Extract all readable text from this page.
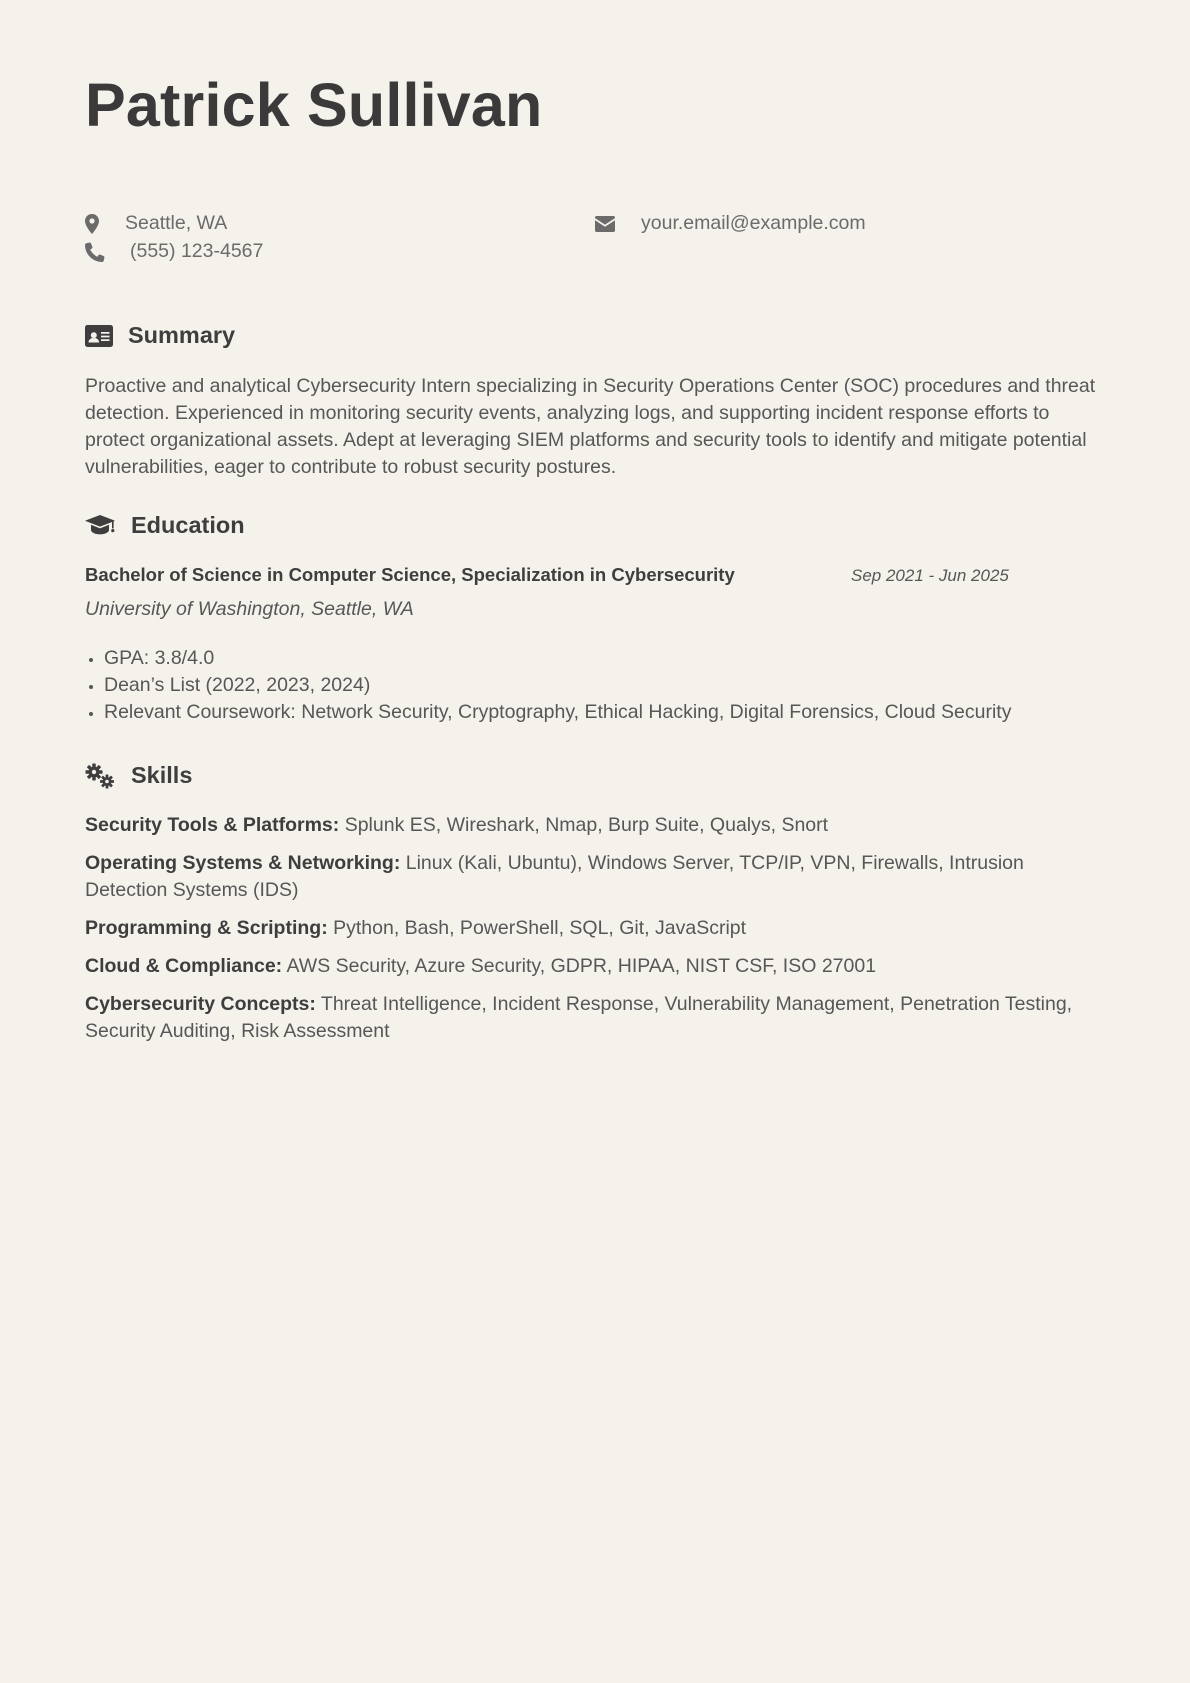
Patrick Sullivan
Seattle, WA
(555) 123-4567
your.email@example.com
Summary

Proactive and analytical Cybersecurity Intern specializing in Security Operations Center (SOC) procedures and threat detection. Experienced in monitoring security events, analyzing logs, and supporting incident response efforts to protect organizational assets. Adept at leveraging SIEM platforms and security tools to identify and mitigate potential vulnerabilities, eager to contribute to robust security postures.

Education
Bachelor of Science in Computer Science, Specialization in Cybersecurity	Sep 2021 - Jun 2025
University of Washington, Seattle, WA
• GPA: 3.8/4.0
• Dean’s List (2022, 2023, 2024)
• Relevant Coursework: Network Security, Cryptography, Ethical Hacking, Digital Forensics, Cloud Security
Skills

Security Tools & Platforms: Splunk ES, Wireshark, Nmap, Burp Suite, Qualys, Snort

Operating Systems & Networking: Linux (Kali, Ubuntu), Windows Server, TCP/IP, VPN, Firewalls, Intrusion Detection Systems (IDS)

Programming & Scripting: Python, Bash, PowerShell, SQL, Git, JavaScript

Cloud & Compliance: AWS Security, Azure Security, GDPR, HIPAA, NIST CSF, ISO 27001

Cybersecurity Concepts: Threat Intelligence, Incident Response, Vulnerability Management, Penetration Testing, Security Auditing, Risk Assessment
